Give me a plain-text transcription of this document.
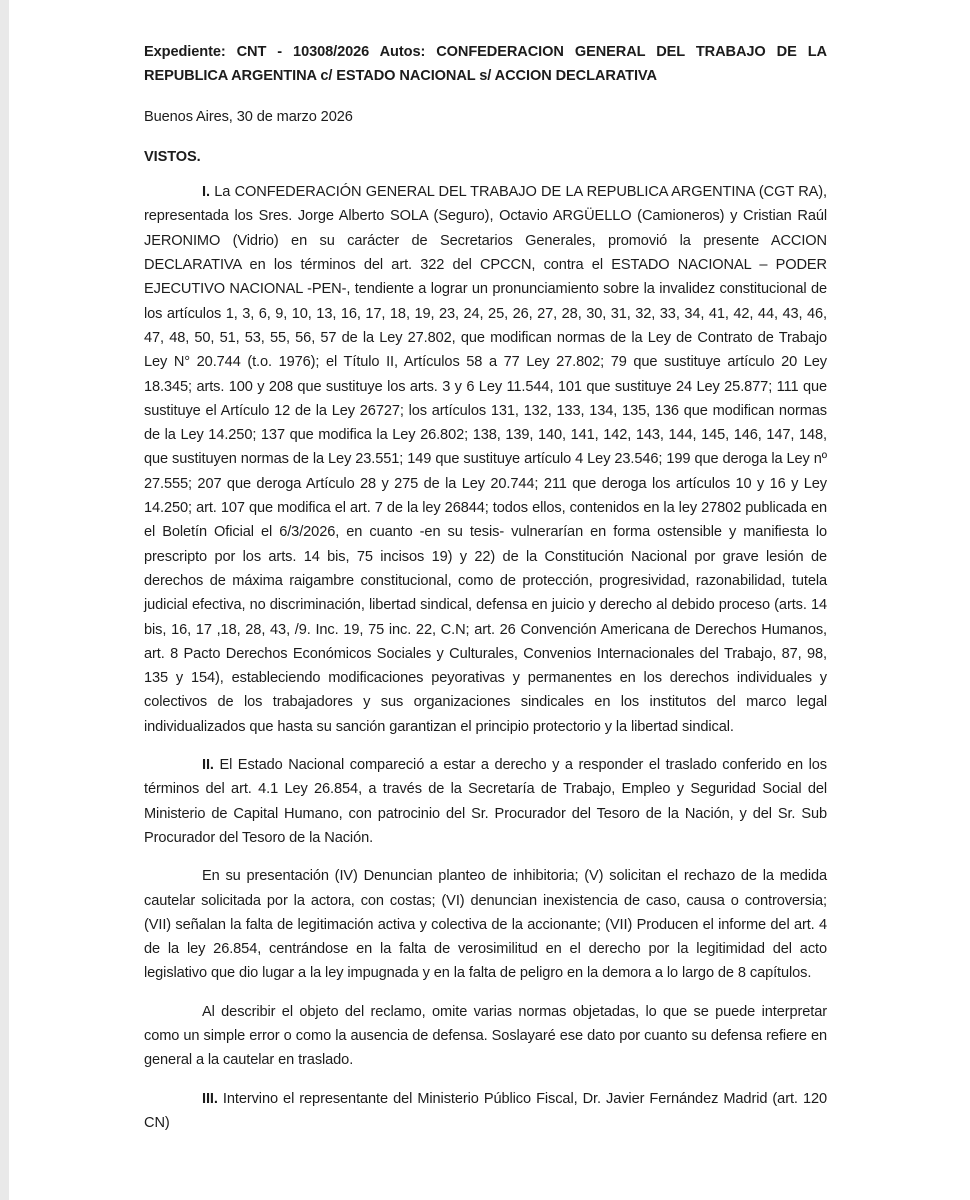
Expediente: CNT - 10308/2026 Autos: CONFEDERACION GENERAL DEL TRABAJO DE LA REPUBLICA ARGENTINA c/ ESTADO NACIONAL s/ ACCION DECLARATIVA

Buenos Aires, 30 de marzo 2026

VISTOS.

I. La CONFEDERACIÓN GENERAL DEL TRABAJO DE LA REPUBLICA ARGENTINA (CGT RA), representada los Sres. Jorge Alberto SOLA (Seguro), Octavio ARGÜELLO (Camioneros) y Cristian Raúl JERONIMO (Vidrio) en su carácter de Secretarios Generales, promovió la presente ACCION DECLARATIVA en los términos del art. 322 del CPCCN, contra el ESTADO NACIONAL – PODER EJECUTIVO NACIONAL -PEN-, tendiente a lograr un pronunciamiento sobre la invalidez constitucional de los artículos 1, 3, 6, 9, 10, 13, 16, 17, 18, 19, 23, 24, 25, 26, 27, 28, 30, 31, 32, 33, 34, 41, 42, 44, 43, 46, 47, 48, 50, 51, 53, 55, 56, 57 de la Ley 27.802, que modifican normas de la Ley de Contrato de Trabajo Ley N° 20.744 (t.o. 1976); el Título II, Artículos 58 a 77 Ley 27.802; 79 que sustituye artículo 20 Ley 18.345; arts. 100 y 208 que sustituye los arts. 3 y 6 Ley 11.544, 101 que sustituye 24 Ley 25.877; 111 que sustituye el Artículo 12 de la Ley 26727; los artículos 131, 132, 133, 134, 135, 136 que modifican normas de la Ley 14.250; 137 que modifica la Ley 26.802; 138, 139, 140, 141, 142, 143, 144, 145, 146, 147, 148, que sustituyen normas de la Ley 23.551; 149 que sustituye artículo 4 Ley 23.546; 199 que deroga la Ley nº 27.555; 207 que deroga Artículo 28 y 275 de la Ley 20.744; 211 que deroga los artículos 10 y 16 y Ley 14.250; art. 107 que modifica el art. 7 de la ley 26844; todos ellos, contenidos en la ley 27802 publicada en el Boletín Oficial el 6/3/2026, en cuanto -en su tesis- vulnerarían en forma ostensible y manifiesta lo prescripto por los arts. 14 bis, 75 incisos 19) y 22) de la Constitución Nacional por grave lesión de derechos de máxima raigambre constitucional, como de protección, progresividad, razonabilidad, tutela judicial efectiva, no discriminación, libertad sindical, defensa en juicio y derecho al debido proceso (arts. 14 bis, 16, 17 ,18, 28, 43, /9. Inc. 19, 75 inc. 22, C.N; art. 26 Convención Americana de Derechos Humanos, art. 8 Pacto Derechos Económicos Sociales y Culturales, Convenios Internacionales del Trabajo, 87, 98, 135 y 154), estableciendo modificaciones peyorativas y permanentes en los derechos individuales y colectivos de los trabajadores y sus organizaciones sindicales en los institutos del marco legal individualizados que hasta su sanción garantizan el principio protectorio y la libertad sindical.

II. El Estado Nacional compareció a estar a derecho y a responder el traslado conferido en los términos del art. 4.1 Ley 26.854, a través de la Secretaría de Trabajo, Empleo y Seguridad Social del Ministerio de Capital Humano, con patrocinio del Sr. Procurador del Tesoro de la Nación, y del Sr. Sub Procurador del Tesoro de la Nación.

En su presentación (IV) Denuncian planteo de inhibitoria; (V) solicitan el rechazo de la medida cautelar solicitada por la actora, con costas; (VI) denuncian inexistencia de caso, causa o controversia; (VII) señalan la falta de legitimación activa y colectiva de la accionante; (VII) Producen el informe del art. 4 de la ley 26.854, centrándose en la falta de verosimilitud en el derecho por la legitimidad del acto legislativo que dio lugar a la ley impugnada y en la falta de peligro en la demora a lo largo de 8 capítulos.

Al describir el objeto del reclamo, omite varias normas objetadas, lo que se puede interpretar como un simple error o como la ausencia de defensa. Soslayaré ese dato por cuanto su defensa refiere en general a la cautelar en traslado.

III. Intervino el representante del Ministerio Público Fiscal, Dr. Javier Fernández Madrid (art. 120 CN)
